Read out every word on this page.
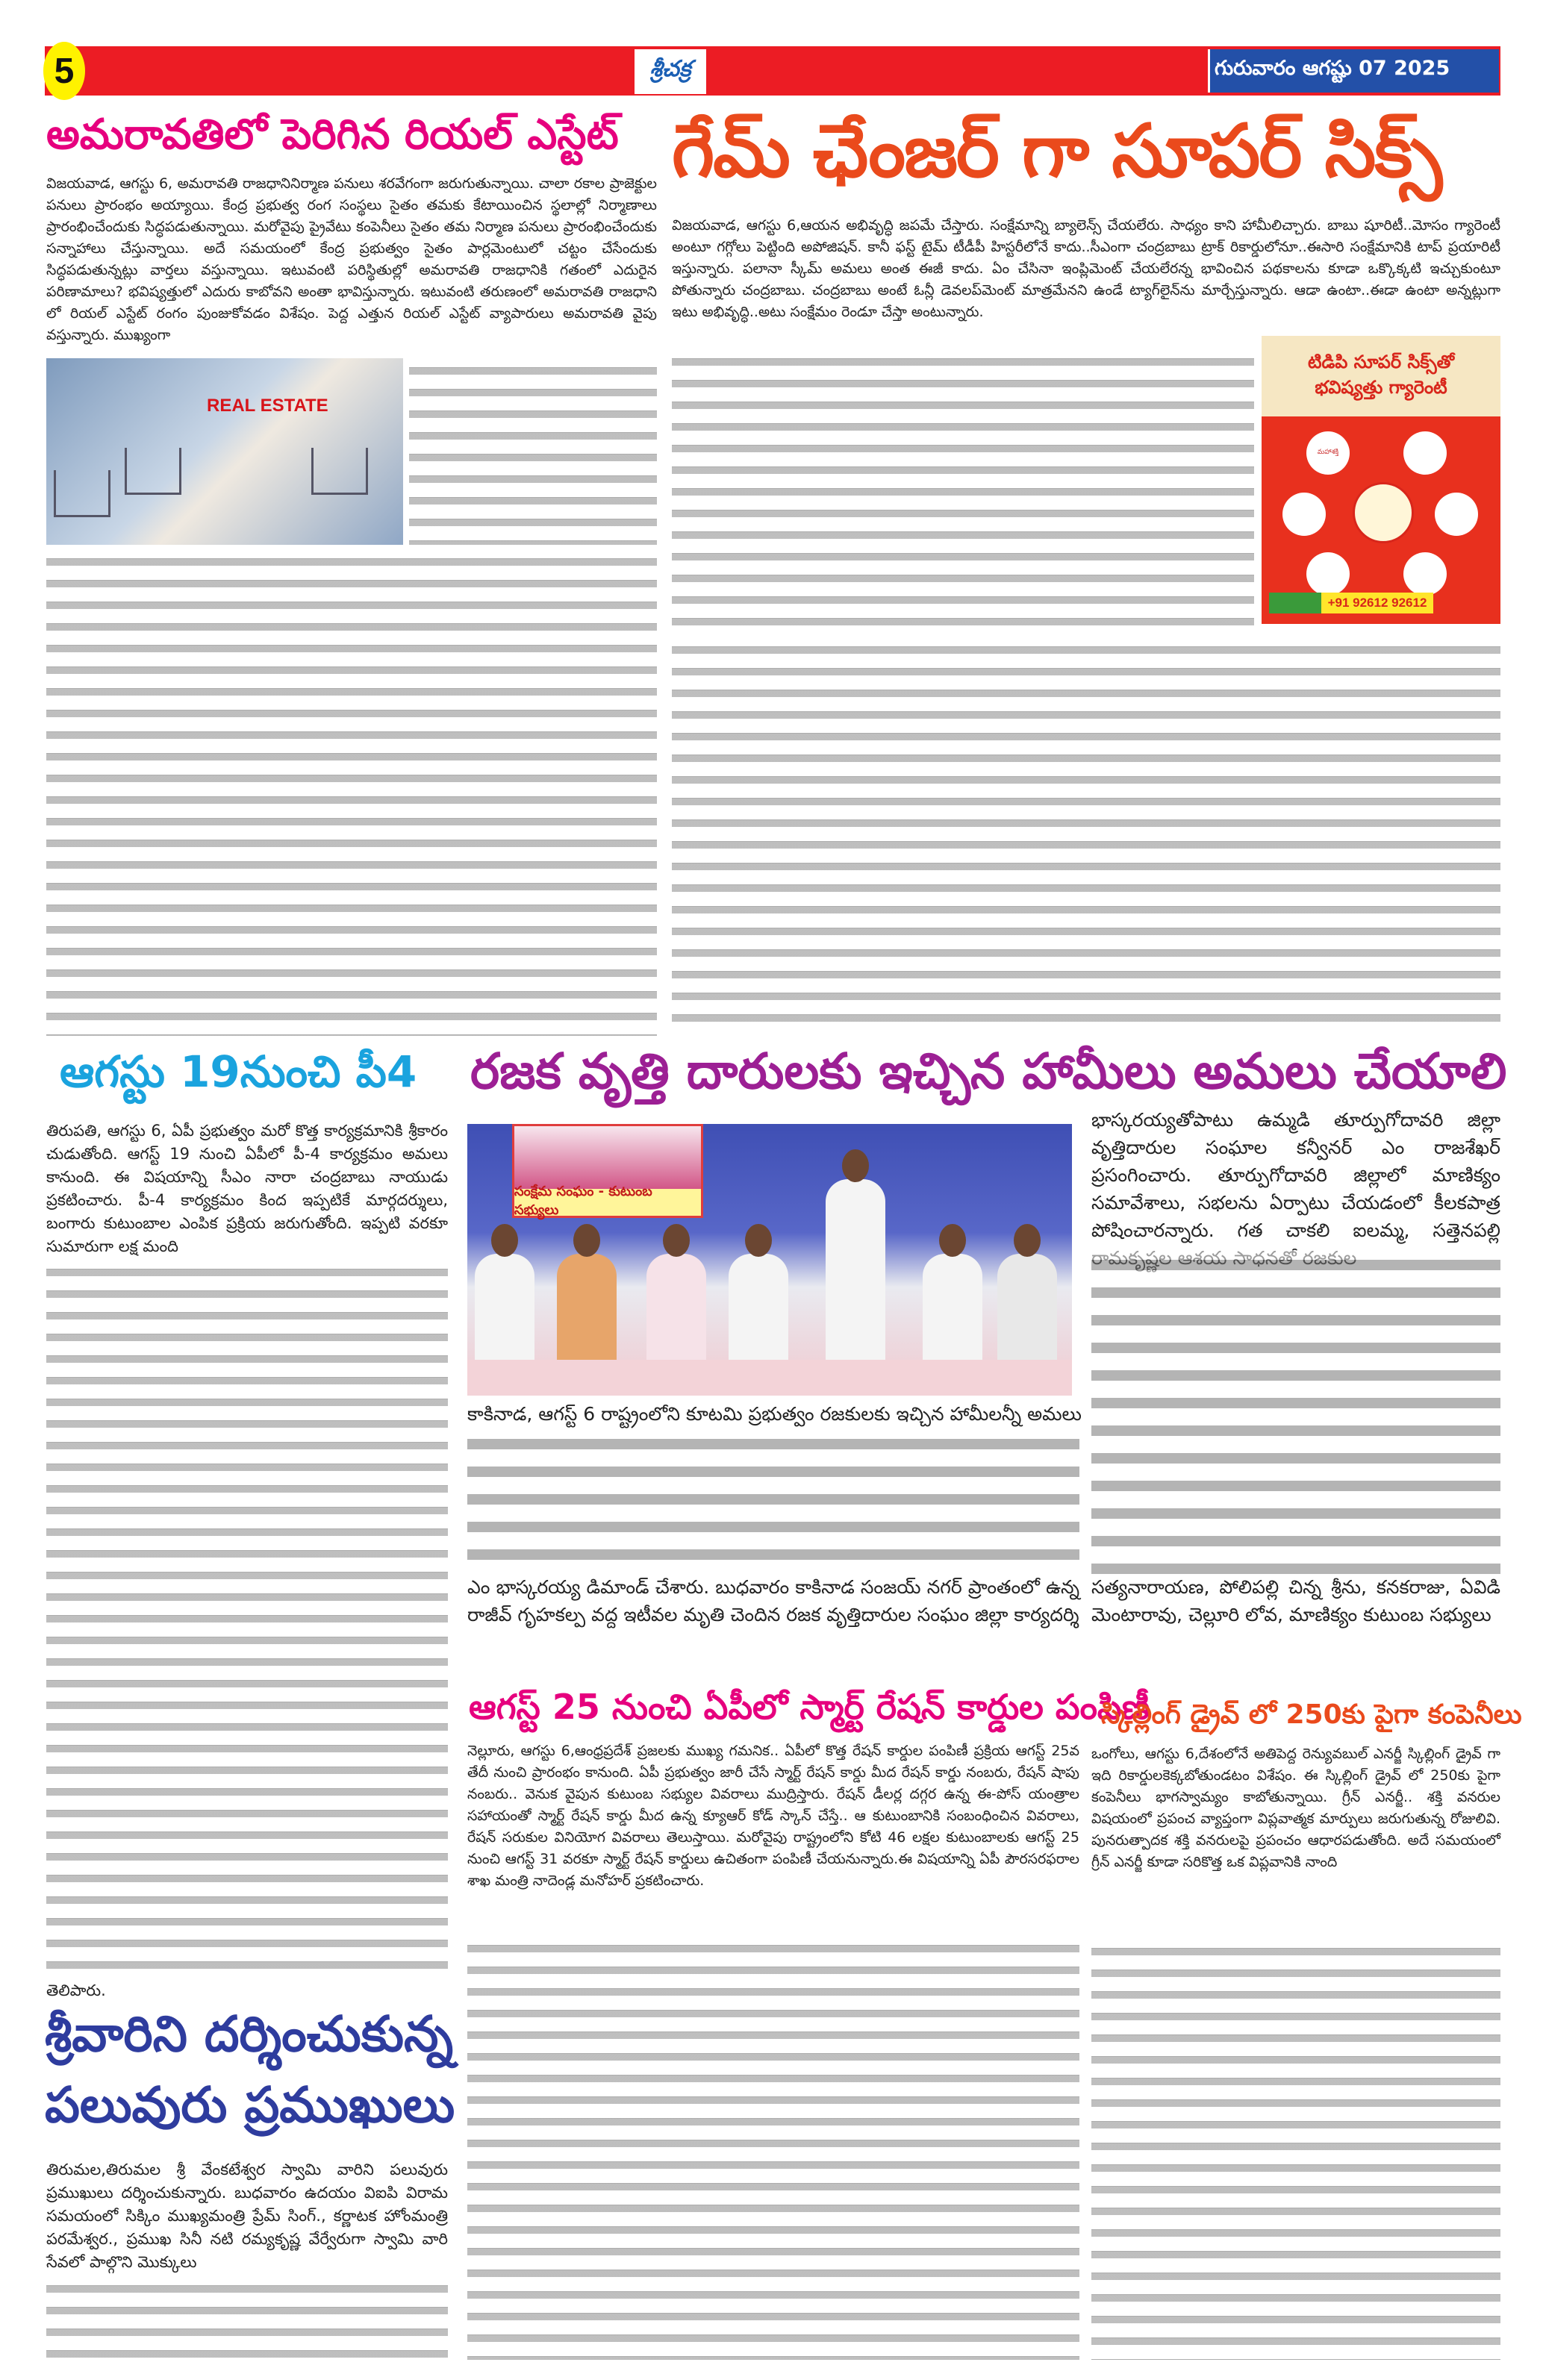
5	శ్రీచక్ర	గురువారం ఆగష్టు 07 2025
అమరావతిలో పెరిగిన రియల్ ఎస్టేట్
విజయవాడ, ఆగస్టు 6, అమరావతి రాజధానినిర్మాణ పనులు శరవేగంగా జరుగుతున్నాయి. చాలా రకాల ప్రాజెక్టుల పనులు ప్రారంభం అయ్యాయి. కేంద్ర ప్రభుత్వ రంగ సంస్థలు సైతం తమకు కేటాయించిన స్థలాల్లో నిర్మాణాలు ప్రారంభించేందుకు సిద్ధపడుతున్నాయి. మరోవైపు ప్రైవేటు కంపెనీలు సైతం తమ నిర్మాణ పనులు ప్రారంభించేందుకు సన్నాహాలు చేస్తున్నాయి. అదే సమయంలో కేంద్ర ప్రభుత్వం సైతం పార్లమెంటులో చట్టం చేసేందుకు సిద్ధపడుతున్నట్లు వార్తలు వస్తున్నాయి. ఇటువంటి పరిస్థితుల్లో అమరావతి రాజధానికి గతంలో ఎదురైన పరిణామాలు? భవిష్యత్తులో ఎదురు కాబోవని అంతా భావిస్తున్నారు. ఇటువంటి తరుణంలో అమరావతి రాజధాని లో రియల్ ఎస్టేట్ రంగం పుంజుకోవడం విశేషం. పెద్ద ఎత్తున రియల్ ఎస్టేట్ వ్యాపారులు అమరావతి వైపు వస్తున్నారు. ముఖ్యంగా
REAL ESTATE
గేమ్ ఛేంజర్ గా సూపర్ సిక్స్
విజయవాడ, ఆగస్టు 6,ఆయన అభివృద్ధి జపమే చేస్తారు. సంక్షేమాన్ని బ్యాలెన్స్ చేయలేరు. సాధ్యం కాని హామీలిచ్చారు. బాబు షూరిటీ..మోసం గ్యారెంటీ అంటూ గగ్గోలు పెట్టింది అపోజిషన్. కానీ ఫస్ట్ టైమ్ టీడీపీ హిస్టరీలోనే కాదు..సీఎంగా చంద్రబాబు ట్రాక్ రికార్డులోనూ..ఈసారి సంక్షేమానికి టాప్ ప్రయారిటీ ఇస్తున్నారు. పలానా స్కీమ్ అమలు అంత ఈజీ కాదు. ఏం చేసినా ఇంప్లిమెంట్ చేయలేరన్న భావించిన పథకాలను కూడా ఒక్కొక్కటి ఇచ్చుకుంటూ పోతున్నారు చంద్రబాబు. చంద్రబాబు అంటే ఓన్లీ డెవలప్‌మెంట్ మాత్రమేనని ఉండే ట్యాగ్‌లైన్‌ను మార్చేస్తున్నారు. ఆడా ఉంటా..ఈడా ఉంటా అన్నట్లుగా ఇటు అభివృద్ధి..అటు సంక్షేమం రెండూ చేస్తా అంటున్నారు.
టిడిపి సూపర్ సిక్స్‌తో
భవిష్యత్తు గ్యారెంటీ
మహాశక్తి
+91 92612 92612
ఆగస్టు 19నుంచి పీ4 రజక వృత్తి దారులకు ఇచ్చిన హామీలు అమలు చేయాలి
తిరుపతి, ఆగస్టు 6, ఏపీ ప్రభుత్వం మరో కొత్త కార్యక్రమానికి శ్రీకారం చుడుతోంది. ఆగస్ట్ 19 నుంచి ఏపీలో పీ-4 కార్యక్రమం అమలు కానుంది. ఈ విషయాన్ని సీఎం నారా చంద్రబాబు నాయుడు ప్రకటించారు. పీ-4 కార్యక్రమం కింద ఇప్పటికే మార్గదర్శులు, బంగారు కుటుంబాల ఎంపిక ప్రక్రియ జరుగుతోంది. ఇప్పటి వరకూ సుమారుగా లక్ష మంది
తెలిపారు.
శ్రీవారిని దర్శించుకున్న
పలువురు ప్రముఖులు
తిరుమల,తిరుమల శ్రీ వేంకటేశ్వర స్వామి వారిని పలువురు ప్రముఖులు దర్శించుకున్నారు. బుధవారం ఉదయం విఐపి విరామ సమయంలో సిక్కిం ముఖ్యమంత్రి ప్రేమ్ సింగ్., కర్ణాటక హోంమంత్రి పరమేశ్వర., ప్రముఖ సినీ నటి రమ్యకృష్ణ వేర్వేరుగా స్వామి వారి సేవలో పాల్గొని మొక్కులు
సంక్షేమ సంఘం - కుటుంబ సభ్యులు
కాకినాడ, ఆగస్ట్ 6 రాష్ట్రంలోని కూటమి ప్రభుత్వం రజకులకు ఇచ్చిన హామీలన్నీ అమలు
ఎం భాస్కరయ్య డిమాండ్ చేశారు. బుధవారం కాకినాడ సంజయ్ నగర్ ప్రాంతంలో ఉన్న రాజీవ్ గృహకల్ప వద్ద ఇటీవల మృతి చెందిన రజక వృత్తిదారుల సంఘం జిల్లా కార్యదర్శి
భాస్కరయ్యతోపాటు ఉమ్మడి తూర్పుగోదావరి జిల్లా వృత్తిదారుల సంఘాల కన్వీనర్ ఎం రాజశేఖర్ ప్రసంగించారు. తూర్పుగోదావరి జిల్లాలో మాణిక్యం సమావేశాలు, సభలను ఏర్పాటు చేయడంలో కీలకపాత్ర పోషించారన్నారు. గత చాకలి ఐలమ్మ, సత్తెనపల్లి
సత్యనారాయణ, పోలిపల్లి చిన్న శ్రీను, కనకరాజు, ఏవిడి మెంటారావు, చెల్లూరి లోవ, మాణిక్యం కుటుంబ సభ్యులు
ఆగస్ట్ 25 నుంచి ఏపీలో స్మార్ట్ రేషన్ కార్డుల పంపిణీ
నెల్లూరు, ఆగస్టు 6,ఆంధ్రప్రదేశ్ ప్రజలకు ముఖ్య గమనిక.. ఏపీలో కొత్త రేషన్ కార్డుల పంపిణీ ప్రక్రియ ఆగస్ట్ 25వ తేదీ నుంచి ప్రారంభం కానుంది. ఏపీ ప్రభుత్వం జారీ చేసే స్మార్ట్ రేషన్ కార్డు మీద రేషన్ కార్డు నంబరు, రేషన్ షాపు నంబరు.. వెనుక వైపున కుటుంబ సభ్యుల వివరాలు ముద్రిస్తారు. రేషన్ డీలర్ల దగ్గర ఉన్న ఈ-పోస్ యంత్రాల సహాయంతో స్మార్ట్ రేషన్ కార్డు మీద ఉన్న క్యూఆర్ కోడ్ స్కాన్ చేస్తే.. ఆ కుటుంబానికి సంబంధించిన వివరాలు, రేషన్ సరుకుల వినియోగ వివరాలు తెలుస్తాయి. మరోవైపు రాష్ట్రంలోని కోటి 46 లక్షల కుటుంబాలకు ఆగస్ట్ 25 నుంచి ఆగస్ట్ 31 వరకూ స్మార్ట్ రేషన్ కార్డులు ఉచితంగా పంపిణీ చేయనున్నారు.ఈ విషయాన్ని ఏపీ పౌరసరఫరాల శాఖ మంత్రి నాదెండ్ల మనోహర్ ప్రకటించారు.
స్కిల్లింగ్ డ్రైవ్ లో 250కు పైగా కంపెనీలు
ఒంగోలు, ఆగస్టు 6,దేశంలోనే అతిపెద్ద రెన్యువబుల్ ఎనర్జీ స్కిల్లింగ్ డ్రైవ్ గా ఇది రికార్డులకెక్కబోతుండటం విశేషం. ఈ స్కిల్లింగ్ డ్రైవ్ లో 250కు పైగా కంపెనీలు భాగస్వామ్యం కాబోతున్నాయి. గ్రీన్ ఎనర్జీ.. శక్తి వనరుల విషయంలో ప్రపంచ వ్యాప్తంగా విప్లవాత్మక మార్పులు జరుగుతున్న రోజులివి. పునరుత్పాదక శక్తి వనరులపై ప్రపంచం ఆధారపడుతోంది. అదే సమయంలో గ్రీన్ ఎనర్జీ కూడా సరికొత్త ఒక విప్లవానికి నాంది
